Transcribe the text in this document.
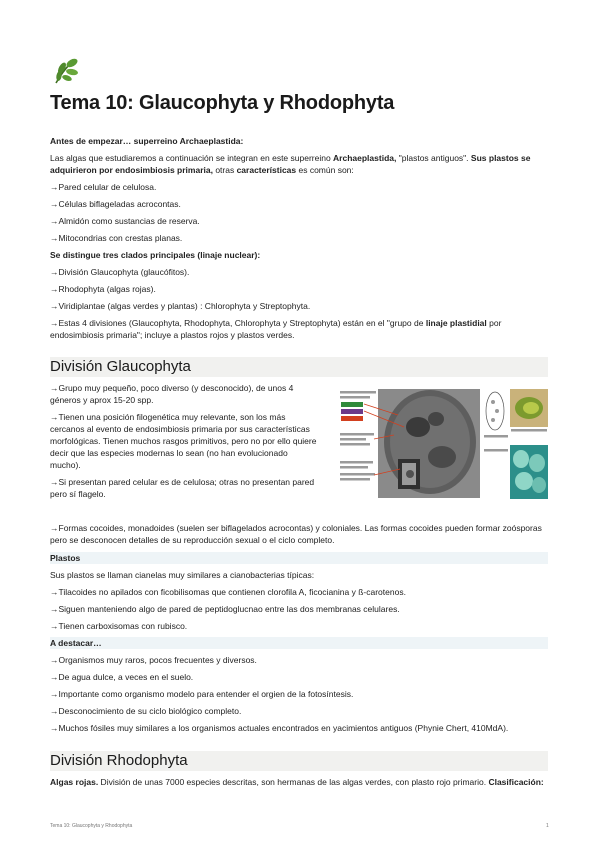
Tema 10: Glaucophyta y Rhodophyta
Antes de empezar… superreino Archaeplastida:
Las algas que estudiaremos a continuación se integran en este superreino Archaeplastida, "plastos antiguos". Sus plastos se
adquirieron por endosimbiosis primaria, otras características es común son:
→Pared celular de celulosa.
→Células biflageladas acrocontas.
→Almidón como sustancias de reserva.
→Mitocondrias con crestas planas.
Se distingue tres clados principales (linaje nuclear):
→División Glaucophyta (glaucófitos).
→Rhodophyta (algas rojas).
→Viridiplantae (algas verdes y plantas) : Chlorophyta y Streptophyta.
→Estas 4 divisiones (Glaucophyta, Rhodophyta, Chlorophyta y Streptophyta) están en el "grupo de linaje plastidial por
endosimbiosis primaria"; incluye a plastos rojos y plastos verdes.
División Glaucophyta
→Grupo muy pequeño, poco diverso (y desconocido), de unos 4
géneros y aprox 15-20 spp.
→Tienen una posición filogenética muy relevante, son los más
cercanos al evento de endosimbiosis primaria por sus características
morfológicas. Tienen muchos rasgos primitivos, pero no por ello quiere
decir que las especies modernas lo sean (no han evolucionado
mucho).
→Si presentan pared celular es de celulosa; otras no presentan pared
pero sí flagelo.
→Formas cocoides, monadoides (suelen ser biflagelados acrocontas) y coloniales. Las formas cocoides pueden formar zoósporas
pero se desconocen detalles de su reproducción sexual o el ciclo completo.
Plastos
Sus plastos se llaman cianelas muy similares a cianobacterias típicas:
→Tilacoides no apilados con ficobilisomas que contienen clorofila A, ficocianina y ß-carotenos.
→Siguen manteniendo algo de pared de peptidoglucnao entre las dos membranas celulares.
→Tienen carboxisomas con rubisco.
A destacar…
→Organismos muy raros, pocos frecuentes y diversos.
→De agua dulce, a veces en el suelo.
→Importante como organismo modelo para entender el orgien de la fotosíntesis.
→Desconocimiento de su ciclo biológico completo.
→Muchos fósiles muy similares a los organismos actuales encontrados en yacimientos antiguos (Phynie Chert, 410MdA).
División Rhodophyta
Algas rojas. División de unas 7000 especies descritas, son hermanas de las algas verdes, con plasto rojo primario. Clasificación:
Tema 10: Glaucophyta y Rhodophyta	1
